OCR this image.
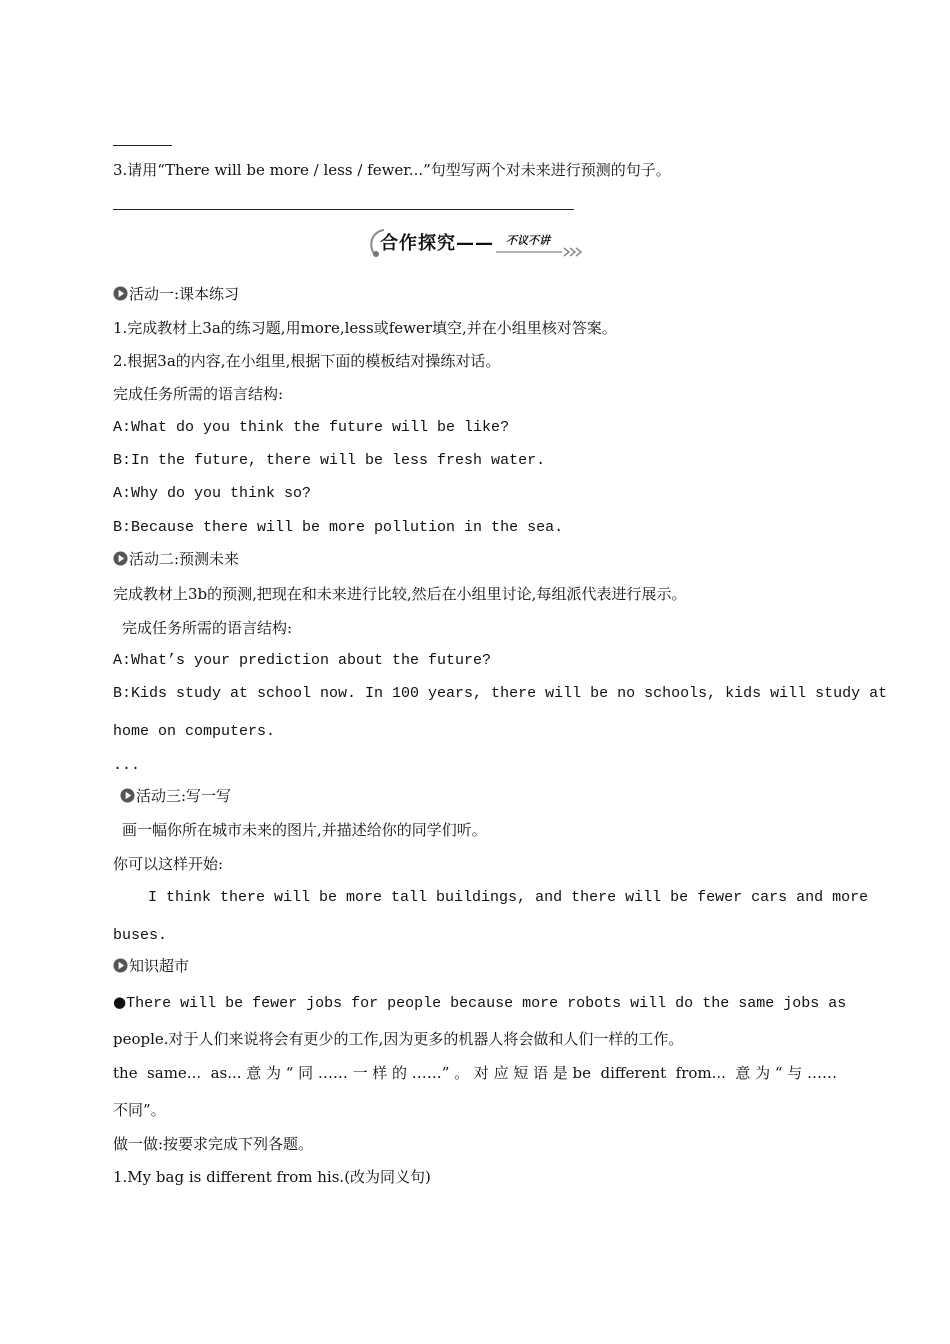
3.请用“There will be more / less / fewer...”句型写两个对未来进行预测的句子。
合作探究—— 不议不讲
活动一:课本练习
1.完成教材上3a的练习题,用more,less或fewer填空,并在小组里核对答案。
2.根据3a的内容,在小组里,根据下面的模板结对操练对话。
完成任务所需的语言结构:
A:What do you think the future will be like?
B:In the future, there will be less fresh water.
A:Why do you think so?
B:Because there will be more pollution in the sea.
活动二:预测未来
完成教材上3b的预测,把现在和未来进行比较,然后在小组里讨论,每组派代表进行展示。
完成任务所需的语言结构:
A:What’s your prediction about the future?
B:Kids study at school now. In 100 years, there will be no schools, kids will study at
home on computers.
...
活动三:写一写
画一幅你所在城市未来的图片,并描述给你的同学们听。
你可以这样开始:
I think there will be more tall buildings, and there will be fewer cars and more
buses.
知识超市
●There will be fewer jobs for people because more robots will do the same jobs as
people.对于人们来说将会有更少的工作,因为更多的机器人将会做和人们一样的工作。
the same... as...意为“同……一样的……”。对应短语是be different from... 意为“与……
不同”。
做一做:按要求完成下列各题。
1.My bag is different from his.(改为同义句)
